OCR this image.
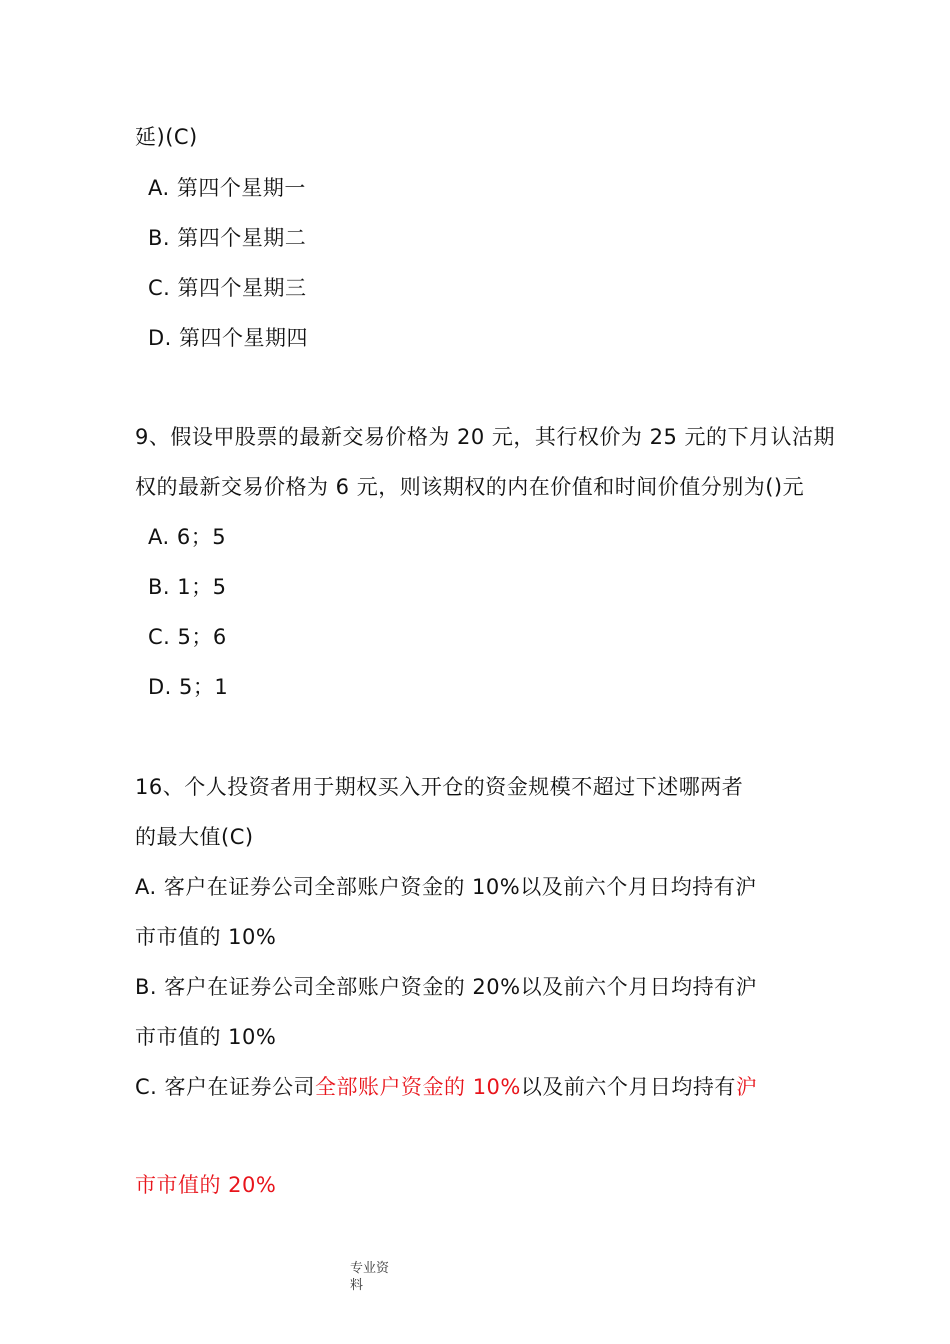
延)(C)
A. 第四个星期一
B. 第四个星期二
C. 第四个星期三
D. 第四个星期四
9、假设甲股票的最新交易价格为 20 元，其行权价为 25 元的下月认沽期
权的最新交易价格为 6 元，则该期权的内在价值和时间价值分别为()元
A. 6；5
B. 1；5
C. 5；6
D. 5；1
16、个人投资者用于期权买入开仓的资金规模不超过下述哪两者
的最大值(C)
A. 客户在证券公司全部账户资金的 10%以及前六个月日均持有沪
市市值的 10%
B. 客户在证券公司全部账户资金的 20%以及前六个月日均持有沪
市市值的 10%
C. 客户在证券公司全部账户资金的 10%以及前六个月日均持有沪
市市值的 20%
专业资
料
